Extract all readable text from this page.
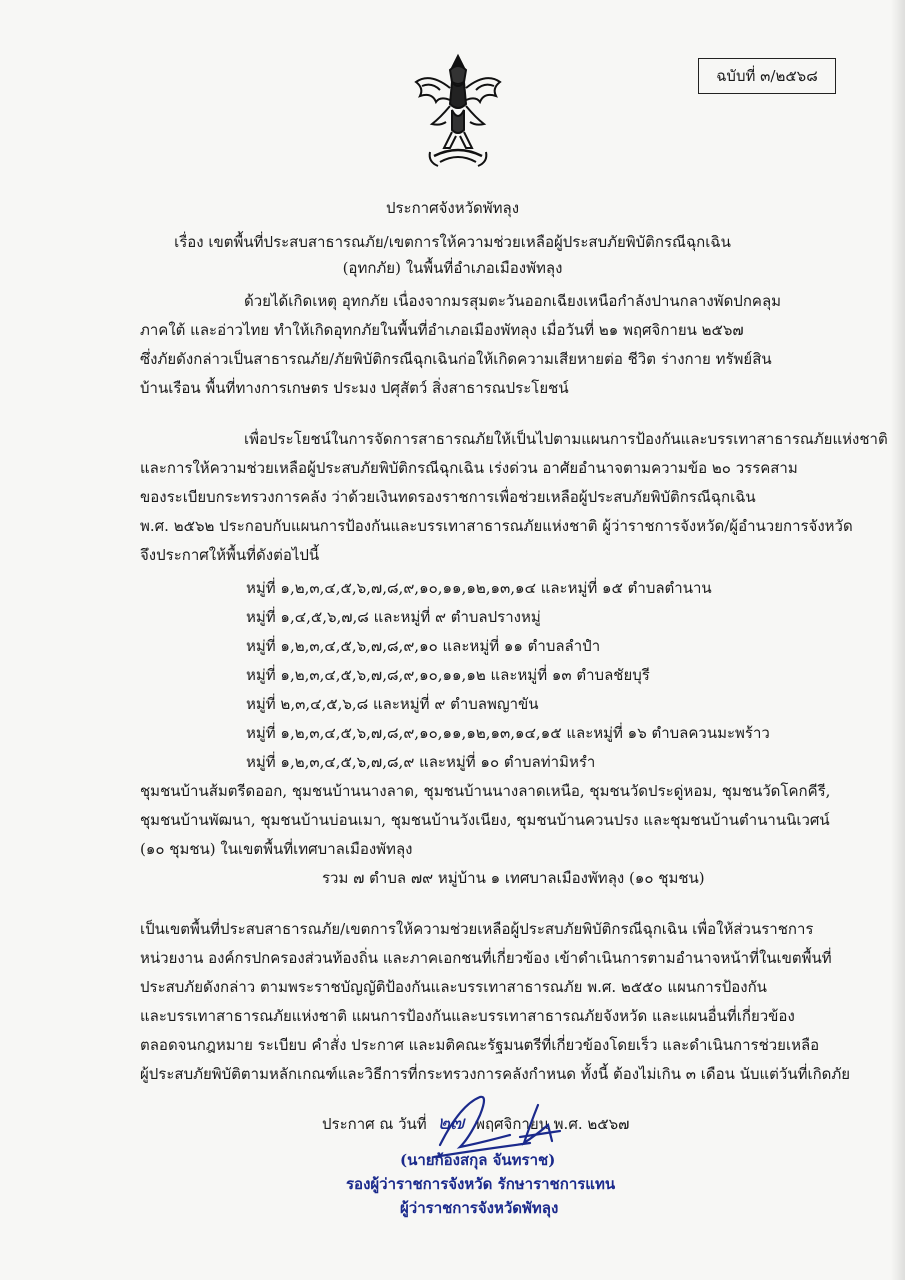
ฉบับที่ ๓/๒๕๖๘
ประกาศจังหวัดพัทลุง
เรื่อง เขตพื้นที่ประสบสาธารณภัย/เขตการให้ความช่วยเหลือผู้ประสบภัยพิบัติกรณีฉุกเฉิน
(อุทกภัย) ในพื้นที่อำเภอเมืองพัทลุง
ด้วยได้เกิดเหตุ อุทกภัย เนื่องจากมรสุมตะวันออกเฉียงเหนือกำลังปานกลางพัดปกคลุม
ภาคใต้ และอ่าวไทย ทำให้เกิดอุทกภัยในพื้นที่อำเภอเมืองพัทลุง เมื่อวันที่ ๒๑ พฤศจิกายน ๒๕๖๗
ซึ่งภัยดังกล่าวเป็นสาธารณภัย/ภัยพิบัติกรณีฉุกเฉินก่อให้เกิดความเสียหายต่อ ชีวิต ร่างกาย ทรัพย์สิน
บ้านเรือน พื้นที่ทางการเกษตร ประมง ปศุสัตว์ สิ่งสาธารณประโยชน์
เพื่อประโยชน์ในการจัดการสาธารณภัยให้เป็นไปตามแผนการป้องกันและบรรเทาสาธารณภัยแห่งชาติ
และการให้ความช่วยเหลือผู้ประสบภัยพิบัติกรณีฉุกเฉิน เร่งด่วน อาศัยอำนาจตามความข้อ ๒๐ วรรคสาม
ของระเบียบกระทรวงการคลัง ว่าด้วยเงินทดรองราชการเพื่อช่วยเหลือผู้ประสบภัยพิบัติกรณีฉุกเฉิน
พ.ศ. ๒๕๖๒ ประกอบกับแผนการป้องกันและบรรเทาสาธารณภัยแห่งชาติ ผู้ว่าราชการจังหวัด/ผู้อำนวยการจังหวัด
จึงประกาศให้พื้นที่ดังต่อไปนี้
หมู่ที่ ๑,๒,๓,๔,๕,๖,๗,๘,๙,๑๐,๑๑,๑๒,๑๓,๑๔ และหมู่ที่ ๑๕ ตำบลตำนาน
หมู่ที่ ๑,๔,๕,๖,๗,๘ และหมู่ที่ ๙ ตำบลปรางหมู่
หมู่ที่ ๑,๒,๓,๔,๕,๖,๗,๘,๙,๑๐ และหมู่ที่ ๑๑ ตำบลลำปำ
หมู่ที่ ๑,๒,๓,๔,๕,๖,๗,๘,๙,๑๐,๑๑,๑๒ และหมู่ที่ ๑๓ ตำบลชัยบุรี
หมู่ที่ ๒,๓,๔,๕,๖,๘ และหมู่ที่ ๙ ตำบลพญาขัน
หมู่ที่ ๑,๒,๓,๔,๕,๖,๗,๘,๙,๑๐,๑๑,๑๒,๑๓,๑๔,๑๕ และหมู่ที่ ๑๖ ตำบลควนมะพร้าว
หมู่ที่ ๑,๒,๓,๔,๕,๖,๗,๘,๙ และหมู่ที่ ๑๐ ตำบลท่ามิหรำ
ชุมชนบ้านส้มตรีดออก, ชุมชนบ้านนางลาด, ชุมชนบ้านนางลาดเหนือ, ชุมชนวัดประดู่หอม, ชุมชนวัดโคกคีรี,
ชุมชนบ้านพัฒนา, ชุมชนบ้านบ่อนเมา, ชุมชนบ้านวังเนียง, ชุมชนบ้านควนปรง และชุมชนบ้านตำนานนิเวศน์
(๑๐ ชุมชน) ในเขตพื้นที่เทศบาลเมืองพัทลุง
รวม ๗ ตำบล ๗๙ หมู่บ้าน ๑ เทศบาลเมืองพัทลุง (๑๐ ชุมชน)
เป็นเขตพื้นที่ประสบสาธารณภัย/เขตการให้ความช่วยเหลือผู้ประสบภัยพิบัติกรณีฉุกเฉิน เพื่อให้ส่วนราชการ
หน่วยงาน องค์กรปกครองส่วนท้องถิ่น และภาคเอกชนที่เกี่ยวข้อง เข้าดำเนินการตามอำนาจหน้าที่ในเขตพื้นที่
ประสบภัยดังกล่าว ตามพระราชบัญญัติป้องกันและบรรเทาสาธารณภัย พ.ศ. ๒๕๕๐ แผนการป้องกัน
และบรรเทาสาธารณภัยแห่งชาติ แผนการป้องกันและบรรเทาสาธารณภัยจังหวัด และแผนอื่นที่เกี่ยวข้อง
ตลอดจนกฎหมาย ระเบียบ คำสั่ง ประกาศ และมติคณะรัฐมนตรีที่เกี่ยวข้องโดยเร็ว และดำเนินการช่วยเหลือ
ผู้ประสบภัยพิบัติตามหลักเกณฑ์และวิธีการที่กระทรวงการคลังกำหนด ทั้งนี้ ต้องไม่เกิน ๓ เดือน นับแต่วันที่เกิดภัย
ประกาศ ณ วันที่ ๒๗ พฤศจิกายน พ.ศ. ๒๕๖๗
(นายก้องสกุล จันทราช)
รองผู้ว่าราชการจังหวัด รักษาราชการแทน
ผู้ว่าราชการจังหวัดพัทลุง
